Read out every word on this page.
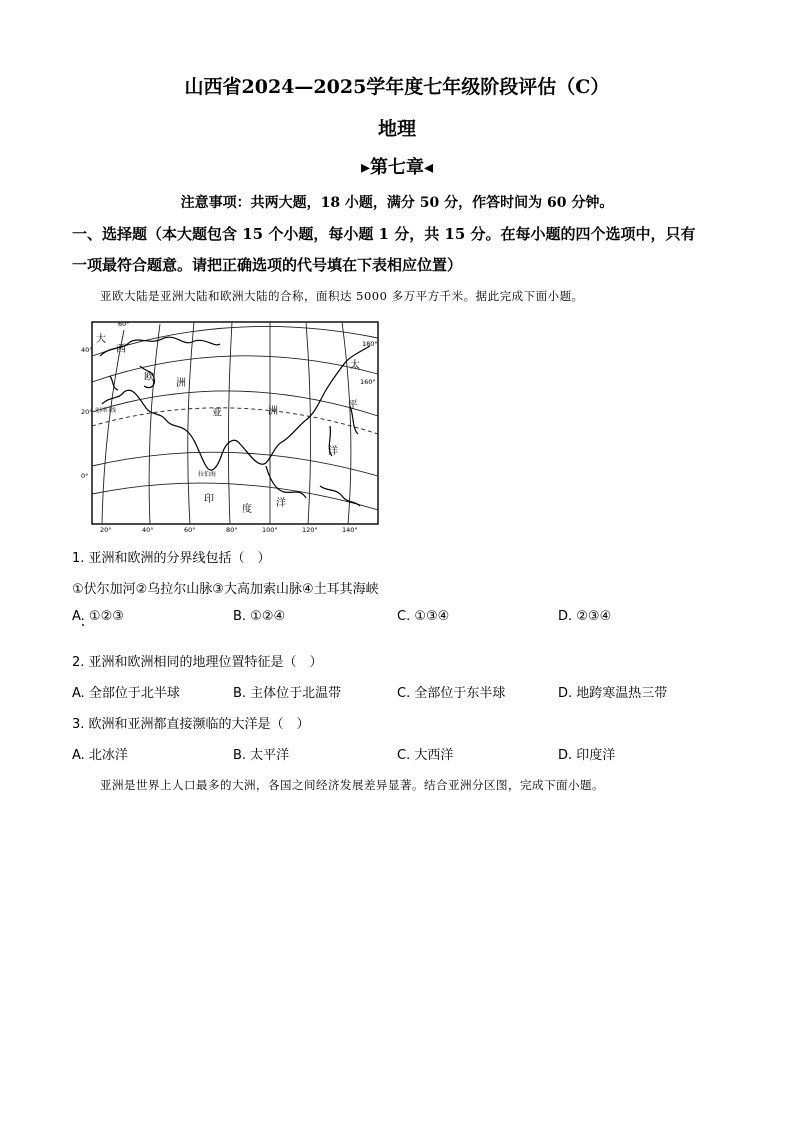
山西省2024—2025学年度七年级阶段评估（C）
地理
▸第七章◂
注意事项：共两大题，18 小题，满分 50 分，作答时间为 60 分钟。
一、选择题（本大题包含 15 个小题，每小题 1 分，共 15 分。在每小题的四个选项中，只有
一项最符合题意。请把正确选项的代号填在下表相应位置）
亚欧大陆是亚洲大陆和欧洲大陆的合称，面积达 5000 多万平方千米。据此完成下面小题。
60°
40°
20°
0°
20°	40°	60°	80°	100°	120°	140°
180°
160°
北回归线
拉伯海
欧
洲
亚	洲
太
平
洋
印
度
洋
大
西
1. 亚洲和欧洲的分界线包括（　）
①伏尔加河②乌拉尔山脉③大高加索山脉④土耳其海峡
A. ①②③	B. ①②④	C. ①③④	D. ②③④
2. 亚洲和欧洲相同的地理位置特征是（　）
A. 全部位于北半球	B. 主体位于北温带	C. 全部位于东半球	D. 地跨寒温热三带
3. 欧洲和亚洲都直接濒临的大洋是（　）
A. 北冰洋	B. 太平洋	C. 大西洋	D. 印度洋
亚洲是世界上人口最多的大洲，各国之间经济发展差异显著。结合亚洲分区图，完成下面小题。
